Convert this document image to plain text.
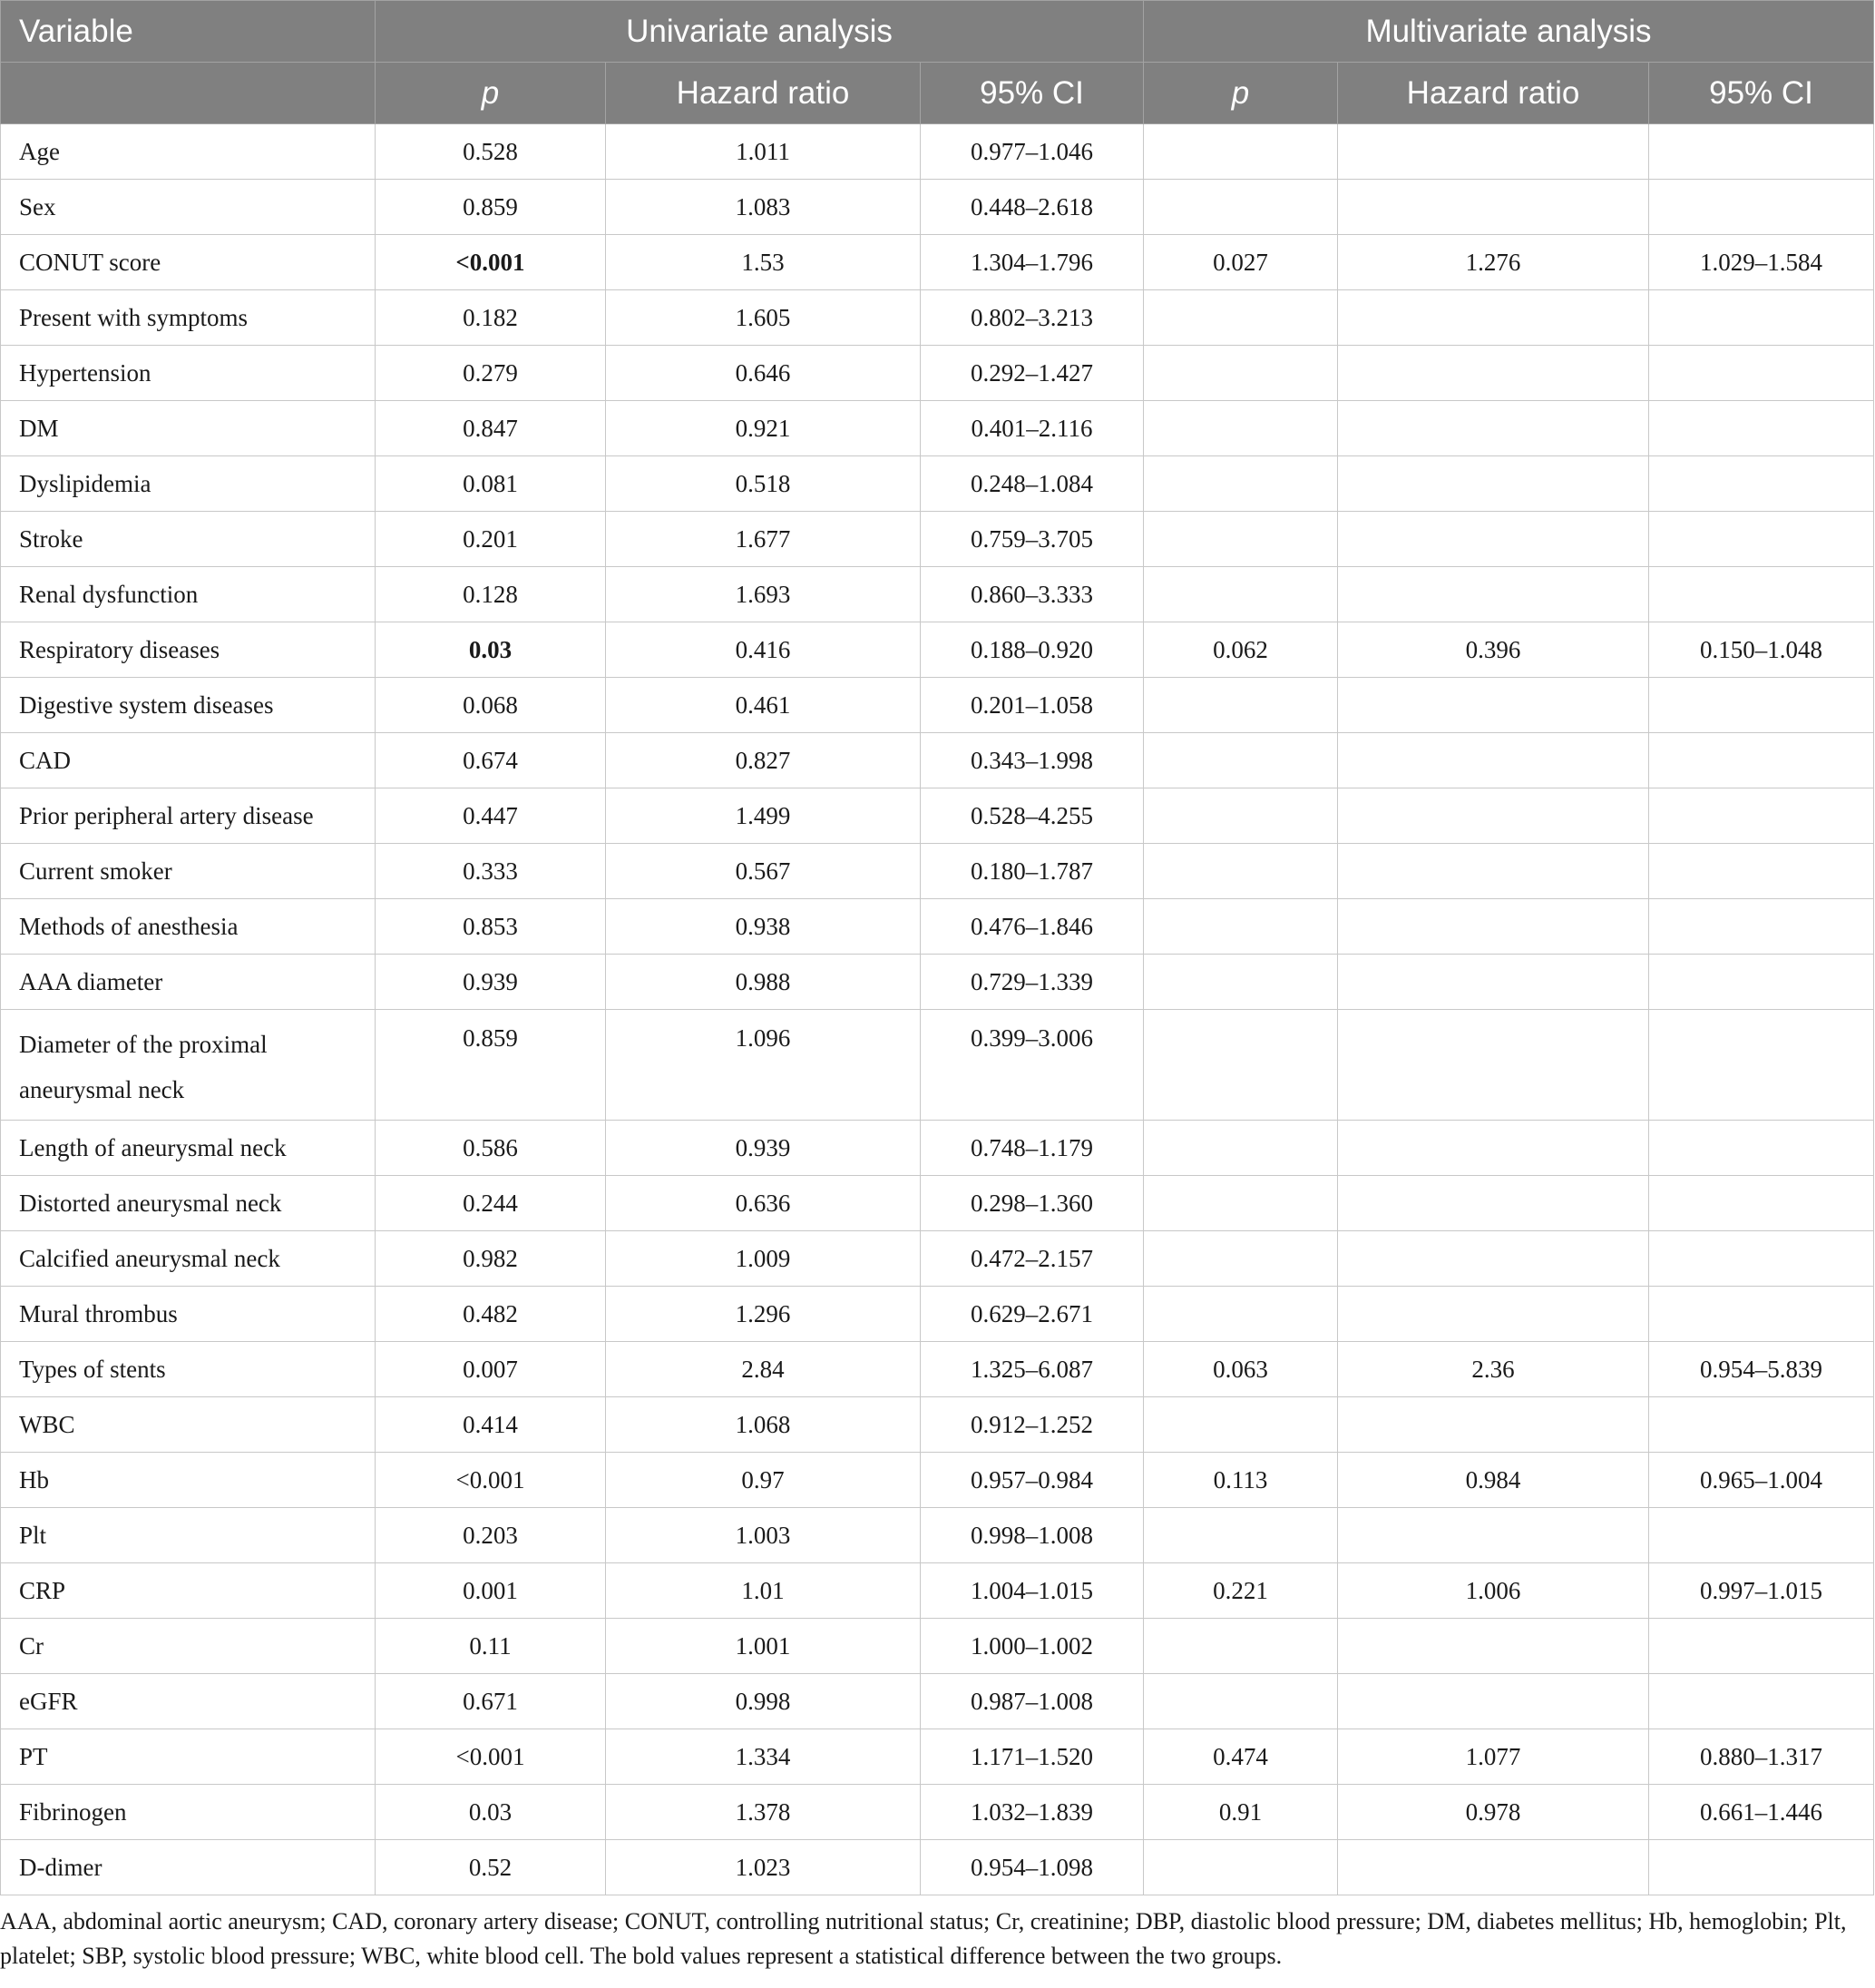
Variable	Univariate analysis			Multivariate analysis		
	p	Hazard ratio	95% CI	p	Hazard ratio	95% CI
Age	0.528	1.011	0.977–1.046			
Sex	0.859	1.083	0.448–2.618			
CONUT score	<0.001	1.53	1.304–1.796	0.027	1.276	1.029–1.584
Present with symptoms	0.182	1.605	0.802–3.213			
Hypertension	0.279	0.646	0.292–1.427			
DM	0.847	0.921	0.401–2.116			
Dyslipidemia	0.081	0.518	0.248–1.084			
Stroke	0.201	1.677	0.759–3.705			
Renal dysfunction	0.128	1.693	0.860–3.333			
Respiratory diseases	0.03	0.416	0.188–0.920	0.062	0.396	0.150–1.048
Digestive system diseases	0.068	0.461	0.201–1.058			
CAD	0.674	0.827	0.343–1.998			
Prior peripheral artery disease	0.447	1.499	0.528–4.255			
Current smoker	0.333	0.567	0.180–1.787			
Methods of anesthesia	0.853	0.938	0.476–1.846			
AAA diameter	0.939	0.988	0.729–1.339			
Diameter of the proximal aneurysmal neck	0.859	1.096	0.399–3.006			
Length of aneurysmal neck	0.586	0.939	0.748–1.179			
Distorted aneurysmal neck	0.244	0.636	0.298–1.360			
Calcified aneurysmal neck	0.982	1.009	0.472–2.157			
Mural thrombus	0.482	1.296	0.629–2.671			
Types of stents	0.007	2.84	1.325–6.087	0.063	2.36	0.954–5.839
WBC	0.414	1.068	0.912–1.252			
Hb	<0.001	0.97	0.957–0.984	0.113	0.984	0.965–1.004
Plt	0.203	1.003	0.998–1.008			
CRP	0.001	1.01	1.004–1.015	0.221	1.006	0.997–1.015
Cr	0.11	1.001	1.000–1.002			
eGFR	0.671	0.998	0.987–1.008			
PT	<0.001	1.334	1.171–1.520	0.474	1.077	0.880–1.317
Fibrinogen	0.03	1.378	1.032–1.839	0.91	0.978	0.661–1.446
D-dimer	0.52	1.023	0.954–1.098			
AAA, abdominal aortic aneurysm; CAD, coronary artery disease; CONUT, controlling nutritional status; Cr, creatinine; DBP, diastolic blood pressure; DM, diabetes mellitus; Hb, hemoglobin; Plt, platelet; SBP, systolic blood pressure; WBC, white blood cell. The bold values represent a statistical difference between the two groups.
